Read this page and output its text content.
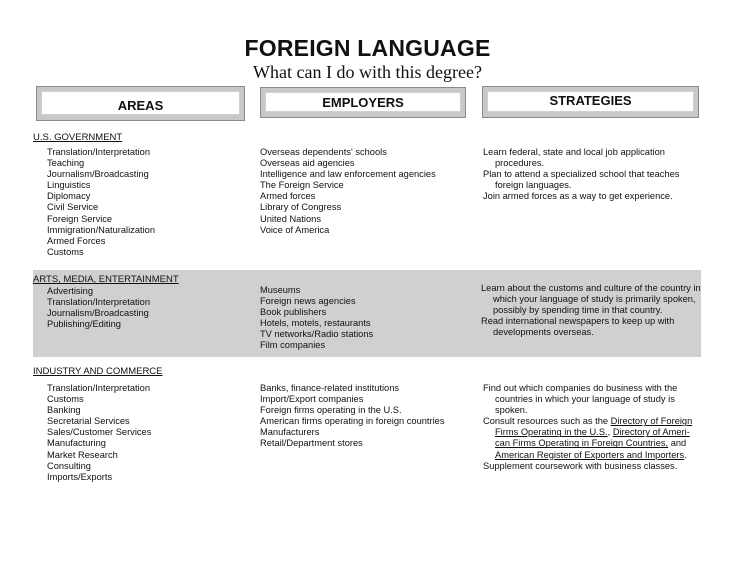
FOREIGN LANGUAGE
What can I do with this degree?
AREAS	EMPLOYERS	STRATEGIES
U.S. GOVERNMENT
Translation/Interpretation
Teaching
Journalism/Broadcasting
Linguistics
Diplomacy
Civil Service
Foreign Service
Immigration/Naturalization
Armed Forces
Customs
Overseas dependents' schools
Overseas aid agencies
Intelligence and law enforcement agencies
The Foreign Service
Armed forces
Library of Congress
United Nations
Voice of America
Learn federal, state and local job application procedures.
Plan to attend a specialized school that teaches foreign languages.
Join armed forces as a way to get experience.
ARTS, MEDIA, ENTERTAINMENT
Advertising
Translation/Interpretation
Journalism/Broadcasting
Publishing/Editing
Museums
Foreign news agencies
Book publishers
Hotels, motels, restaurants
TV networks/Radio stations
Film companies
Learn about the customs and culture of the country in which your language of study is primarily spoken, possibly by spending time in that country.
Read international newspapers to keep up with developments overseas.
INDUSTRY AND COMMERCE
Translation/Interpretation
Customs
Banking
Secretarial Services
Sales/Customer Services
Manufacturing
Market Research
Consulting
Imports/Exports
Banks, finance-related institutions
Import/Export companies
Foreign firms operating in the U.S.
American firms operating in foreign countries
Manufacturers
Retail/Department stores
Find out which companies do business with the countries in which your language of study is spoken.
Consult resources such as the Directory of Foreign Firms Operating in the U.S., Directory of Ameri-can Firms Operating in Foreign Countries, and American Register of Exporters and Importers.
Supplement coursework with business classes.
